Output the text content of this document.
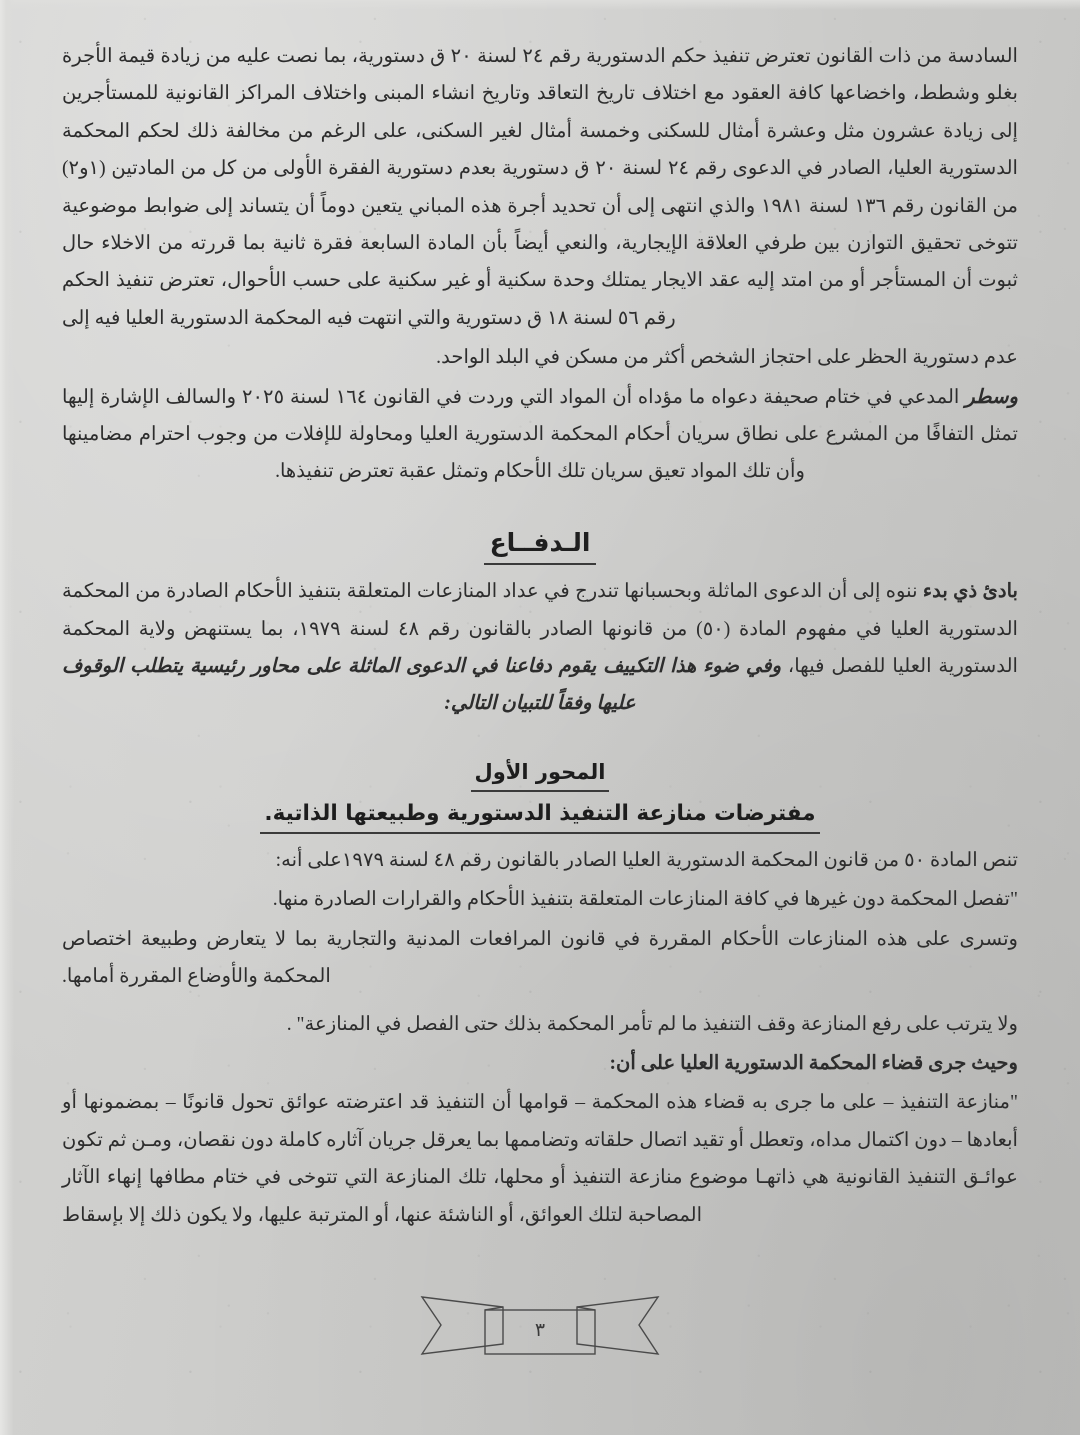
السادسة من ذات القانون تعترض تنفيذ حكم الدستورية رقم ٢٤ لسنة ٢٠ ق دستورية، بما نصت عليه من زيادة قيمة الأجرة بغلو وشطط، واخضاعها كافة العقود مع اختلاف تاريخ التعاقد وتاريخ انشاء المبنى واختلاف المراكز القانونية للمستأجرين إلى زيادة عشرون مثل وعشرة أمثال للسكنى وخمسة أمثال لغير السكنى، على الرغم من مخالفة ذلك لحكم المحكمة الدستورية العليا، الصادر في الدعوى رقم ٢٤ لسنة ٢٠ ق دستورية بعدم دستورية الفقرة الأولى من كل من المادتين (١و٢) من القانون رقم ١٣٦ لسنة ١٩٨١ والذي انتهى إلى أن تحديد أجرة هذه المباني يتعين دوماً أن يتساند إلى ضوابط موضوعية تتوخى تحقيق التوازن بين طرفي العلاقة الإيجارية، والنعي أيضاً بأن المادة السابعة فقرة ثانية بما قررته من الاخلاء حال ثبوت أن المستأجر أو من امتد إليه عقد الايجار يمتلك وحدة سكنية أو غير سكنية على حسب الأحوال، تعترض تنفيذ الحكم رقم ٥٦ لسنة ١٨ ق دستورية والتي انتهت فيه المحكمة الدستورية العليا فيه إلى

عدم دستورية الحظر على احتجاز الشخص أكثر من مسكن في البلد الواحد.

وسطر المدعي في ختام صحيفة دعواه ما مؤداه أن المواد التي وردت في القانون ١٦٤ لسنة ٢٠٢٥ والسالف الإشارة إليها تمثل التفافًا من المشرع على نطاق سريان أحكام المحكمة الدستورية العليا ومحاولة للإفلات من وجوب احترام مضامينها وأن تلك المواد تعيق سريان تلك الأحكام وتمثل عقبة تعترض تنفيذها.

الـدفــاع

بادئ ذي بدء ننوه إلى أن الدعوى الماثلة وبحسبانها تندرج في عداد المنازعات المتعلقة بتنفيذ الأحكام الصادرة من المحكمة الدستورية العليا في مفهوم المادة (٥٠) من قانونها الصادر بالقانون رقم ٤٨ لسنة ١٩٧٩، بما يستنهض ولاية المحكمة الدستورية العليا للفصل فيها، وفي ضوء هذا التكييف يقوم دفاعنا في الدعوى الماثلة على محاور رئيسية يتطلب الوقوف عليها وفقاً للتبيان التالي:

المحور الأول
مفترضات منازعة التنفيذ الدستورية وطبيعتها الذاتية.

تنص المادة ٥٠ من قانون المحكمة الدستورية العليا الصادر بالقانون رقم ٤٨ لسنة ١٩٧٩على أنه:

"تفصل المحكمة دون غيرها في كافة المنازعات المتعلقة بتنفيذ الأحكام والقرارات الصادرة منها.

وتسرى على هذه المنازعات الأحكام المقررة في قانون المرافعات المدنية والتجارية بما لا يتعارض وطبيعة اختصاص المحكمة والأوضاع المقررة أمامها.

ولا يترتب على رفع المنازعة وقف التنفيذ ما لم تأمر المحكمة بذلك حتى الفصل في المنازعة" .

وحيث جرى قضاء المحكمة الدستورية العليا على أن:

"منازعة التنفيذ – على ما جرى به قضاء هذه المحكمة – قوامها أن التنفيذ قد اعترضته عوائق تحول قانونًا – بمضمونها أو أبعادها – دون اكتمال مداه، وتعطل أو تقيد اتصال حلقاته وتضاممها بما يعرقل جريان آثاره كاملة دون نقصان، ومـن ثم تكون عوائـق التنفيذ القانونية هي ذاتهـا موضوع منازعة التنفيذ أو محلها، تلك المنازعة التي تتوخى في ختام مطافها إنهاء الآثار المصاحبة لتلك العوائق، أو الناشئة عنها، أو المترتبة عليها، ولا يكون ذلك إلا بإسقاط

٣
